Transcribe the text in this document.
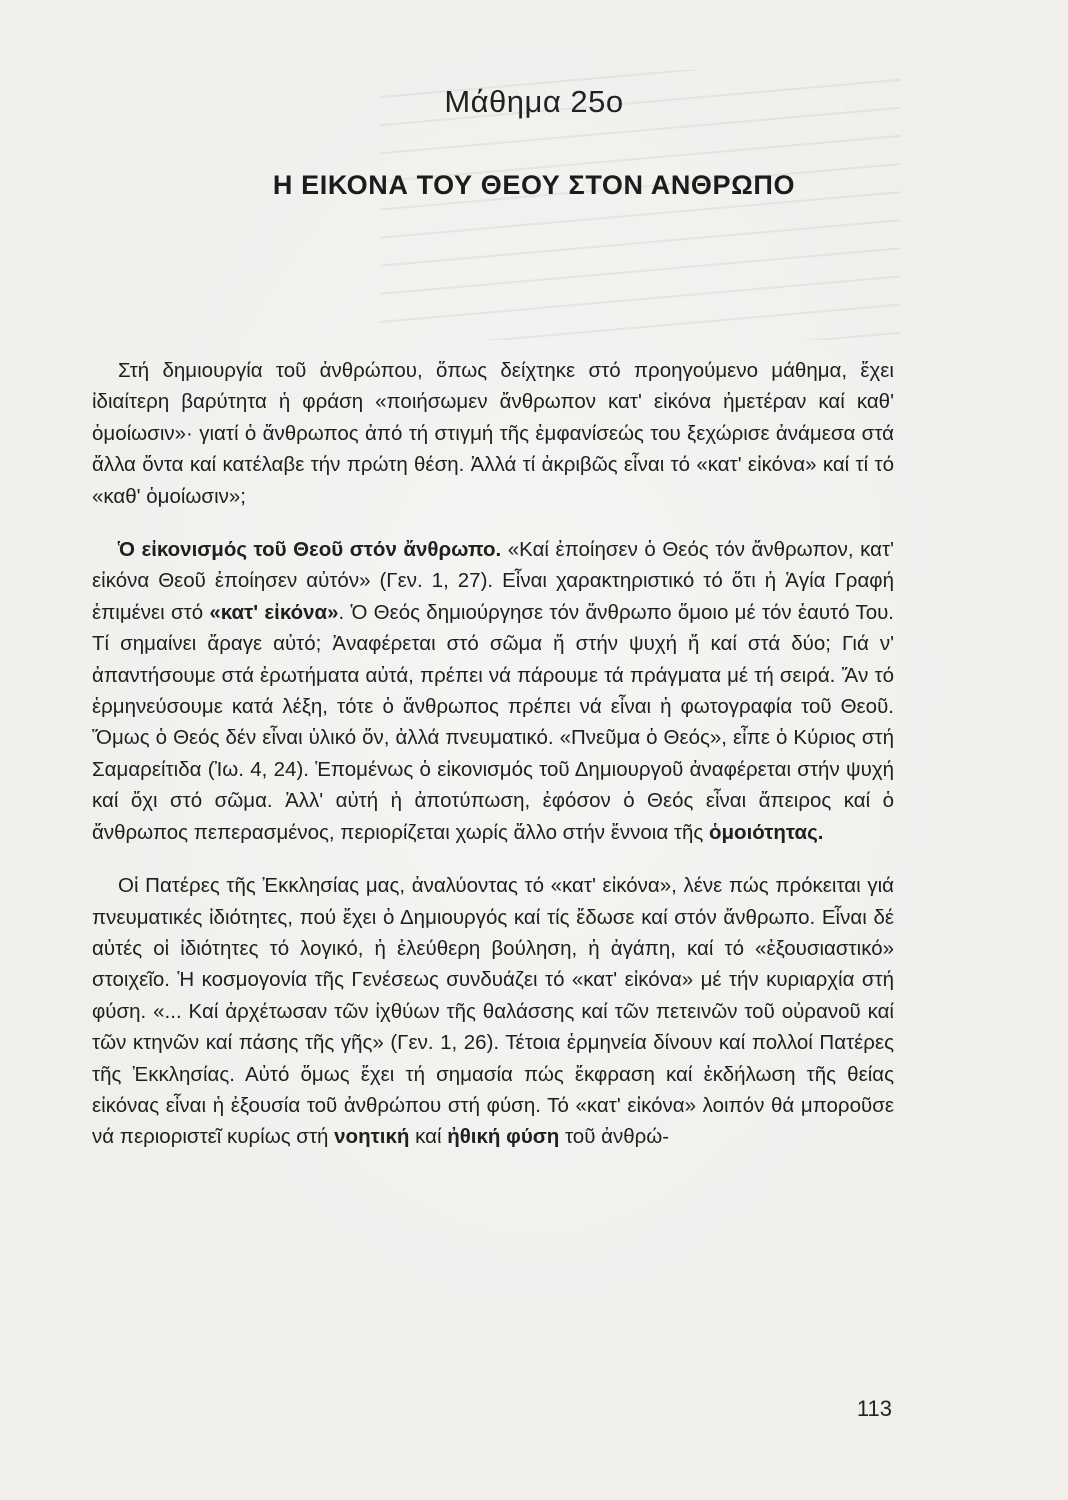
Μάθημα 25ο
Η ΕΙΚΟΝΑ ΤΟΥ ΘΕΟΥ ΣΤΟΝ ΑΝΘΡΩΠΟ

Στή δημιουργία τοῦ ἀνθρώπου, ὅπως δείχτηκε στό προηγούμενο μάθημα, ἔχει ἰδιαίτερη βαρύτητα ἡ φράση «ποιήσωμεν ἄνθρωπον κατ' εἰκόνα ἡμετέραν καί καθ' ὁμοίωσιν»· γιατί ὁ ἄνθρωπος ἀπό τή στιγμή τῆς ἐμφανίσεώς του ξεχώρισε ἀνάμεσα στά ἄλλα ὄντα καί κατέλαβε τήν πρώτη θέση. Ἀλλά τί ἀκριβῶς εἶναι τό «κατ' εἰκόνα» καί τί τό «καθ' ὁμοίωσιν»;

Ὁ εἰκονισμός τοῦ Θεοῦ στόν ἄνθρωπο. «Καί ἐποίησεν ὁ Θεός τόν ἄνθρωπον, κατ' εἰκόνα Θεοῦ ἐποίησεν αὐτόν» (Γεν. 1, 27). Εἶναι χαρακτηριστικό τό ὅτι ἡ Ἁγία Γραφή ἐπιμένει στό «κατ' εἰκόνα». Ὁ Θεός δημιούργησε τόν ἄνθρωπο ὅμοιο μέ τόν ἑαυτό Του. Τί σημαίνει ἄραγε αὐτό; Ἀναφέρεται στό σῶμα ἤ στήν ψυχή ἤ καί στά δύο; Γιά ν' ἀπαντήσουμε στά ἐρωτήματα αὐτά, πρέπει νά πάρουμε τά πράγματα μέ τή σειρά. Ἄν τό ἑρμηνεύσουμε κατά λέξη, τότε ὁ ἄνθρωπος πρέπει νά εἶναι ἡ φωτογραφία τοῦ Θεοῦ. Ὅμως ὁ Θεός δέν εἶναι ὑλικό ὄν, ἀλλά πνευματικό. «Πνεῦμα ὁ Θεός», εἶπε ὁ Κύριος στή Σαμαρείτιδα (Ἰω. 4, 24). Ἑπομένως ὁ εἰκονισμός τοῦ Δημιουργοῦ ἀναφέρεται στήν ψυχή καί ὄχι στό σῶμα. Ἀλλ' αὐτή ἡ ἀποτύπωση, ἐφόσον ὁ Θεός εἶναι ἄπειρος καί ὁ ἄνθρωπος πεπερασμένος, περιορίζεται χωρίς ἄλλο στήν ἔννοια τῆς ὁμοιότητας.

Οἱ Πατέρες τῆς Ἐκκλησίας μας, ἀναλύοντας τό «κατ' εἰκόνα», λένε πώς πρόκειται γιά πνευματικές ἰδιότητες, πού ἔχει ὁ Δημιουργός καί τίς ἔδωσε καί στόν ἄνθρωπο. Εἶναι δέ αὐτές οἱ ἰδιότητες τό λογικό, ἡ ἐλεύθερη βούληση, ἡ ἀγάπη, καί τό «ἐξουσιαστικό» στοιχεῖο. Ἡ κοσμογονία τῆς Γενέσεως συνδυάζει τό «κατ' εἰκόνα» μέ τήν κυριαρχία στή φύση. «... Καί ἀρχέτωσαν τῶν ἰχθύων τῆς θαλάσσης καί τῶν πετεινῶν τοῦ οὐρανοῦ καί τῶν κτηνῶν καί πάσης τῆς γῆς» (Γεν. 1, 26). Τέτοια ἑρμηνεία δίνουν καί πολλοί Πατέρες τῆς Ἐκκλησίας. Αὐτό ὅμως ἔχει τή σημασία πώς ἔκφραση καί ἐκδήλωση τῆς θείας εἰκόνας εἶναι ἡ ἐξουσία τοῦ ἀνθρώπου στή φύση. Τό «κατ' εἰκόνα» λοιπόν θά μποροῦσε νά περιοριστεῖ κυρίως στή νοητική καί ἠθική φύση τοῦ ἀνθρώ-

113
